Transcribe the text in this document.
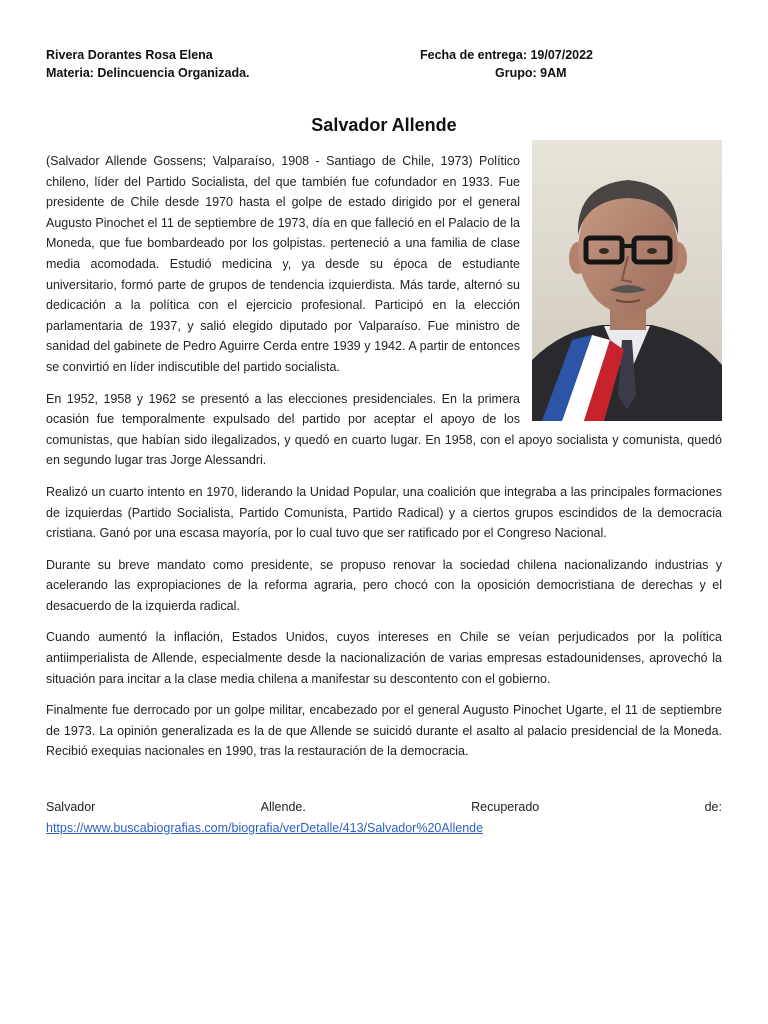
Rivera Dorantes Rosa Elena
Materia: Delincuencia Organizada.
Fecha de entrega: 19/07/2022
Grupo: 9AM
Salvador Allende

(Salvador Allende Gossens; Valparaíso, 1908 - Santiago de Chile, 1973) Político chileno, líder del Partido Socialista, del que también fue cofundador en 1933. Fue presidente de Chile desde 1970 hasta el golpe de estado dirigido por el general Augusto Pinochet el 11 de septiembre de 1973, día en que falleció en el Palacio de la Moneda, que fue bombardeado por los golpistas. perteneció a una familia de clase media acomodada. Estudió medicina y, ya desde su época de estudiante universitario, formó parte de grupos de tendencia izquierdista. Más tarde, alternó su dedicación a la política con el ejercicio profesional. Participó en la elección parlamentaria de 1937, y salió elegido diputado por Valparaíso. Fue ministro de sanidad del gabinete de Pedro Aguirre Cerda entre 1939 y 1942. A partir de entonces se convirtió en líder indiscutible del partido socialista.

En 1952, 1958 y 1962 se presentó a las elecciones presidenciales. En la primera ocasión fue temporalmente expulsado del partido por aceptar el apoyo de los comunistas, que habían sido ilegalizados, y quedó en cuarto lugar. En 1958, con el apoyo socialista y comunista, quedó en segundo lugar tras Jorge Alessandri.

Realizó un cuarto intento en 1970, liderando la Unidad Popular, una coalición que integraba a las principales formaciones de izquierdas (Partido Socialista, Partido Comunista, Partido Radical) y a ciertos grupos escindidos de la democracia cristiana. Ganó por una escasa mayoría, por lo cual tuvo que ser ratificado por el Congreso Nacional.

Durante su breve mandato como presidente, se propuso renovar la sociedad chilena nacionalizando industrias y acelerando las expropiaciones de la reforma agraria, pero chocó con la oposición democristiana de derechas y el desacuerdo de la izquierda radical.

Cuando aumentó la inflación, Estados Unidos, cuyos intereses en Chile se veían perjudicados por la política antiimperialista de Allende, especialmente desde la nacionalización de varias empresas estadounidenses, aprovechó la situación para incitar a la clase media chilena a manifestar su descontento con el gobierno.

Finalmente fue derrocado por un golpe militar, encabezado por el general Augusto Pinochet Ugarte, el 11 de septiembre de 1973. La opinión generalizada es la de que Allende se suicidó durante el asalto al palacio presidencial de la Moneda. Recibió exequias nacionales en 1990, tras la restauración de la democracia.

Salvador	Allende.	Recuperado	de:
https://www.buscabiografias.com/biografia/verDetalle/413/Salvador%20Allende
